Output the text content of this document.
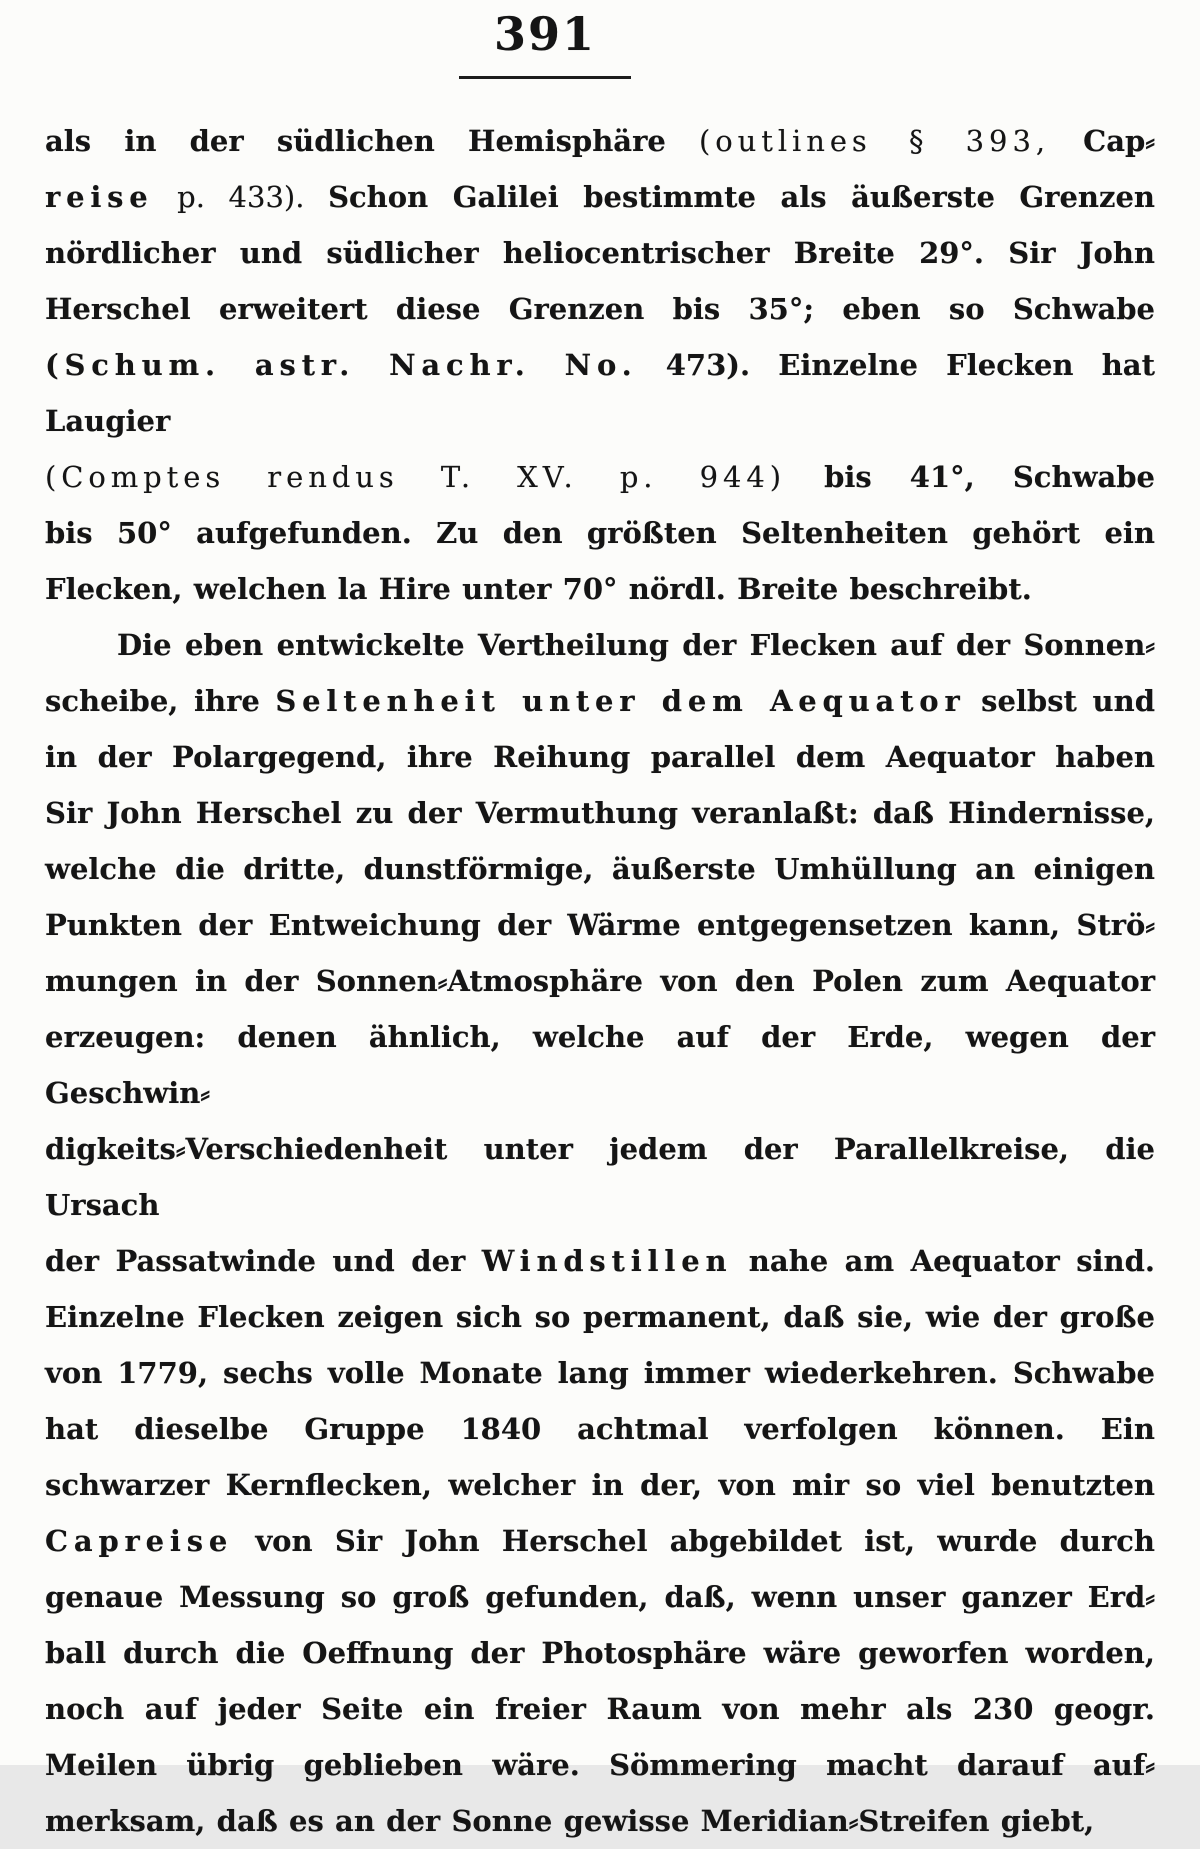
391
als in der südlichen Hemisphäre (outlines § 393, Cap⸗
reise p. 433). Schon Galilei bestimmte als äußerste Grenzen
nördlicher und südlicher heliocentrischer Breite 29°. Sir John
Herschel erweitert diese Grenzen bis 35°; eben so Schwabe
(Schum. astr. Nachr. No. 473). Einzelne Flecken hat Laugier
(Comptes rendus T. XV. p. 944) bis 41°, Schwabe
bis 50° aufgefunden. Zu den größten Seltenheiten gehört ein
Flecken, welchen la Hire unter 70° nördl. Breite beschreibt.
Die eben entwickelte Vertheilung der Flecken auf der Sonnen⸗
scheibe, ihre Seltenheit unter dem Aequator selbst und
in der Polargegend, ihre Reihung parallel dem Aequator haben
Sir John Herschel zu der Vermuthung veranlaßt: daß Hindernisse,
welche die dritte, dunstförmige, äußerste Umhüllung an einigen
Punkten der Entweichung der Wärme entgegensetzen kann, Strö⸗
mungen in der Sonnen⸗Atmosphäre von den Polen zum Aequator
erzeugen: denen ähnlich, welche auf der Erde, wegen der Geschwin⸗
digkeits⸗Verschiedenheit unter jedem der Parallelkreise, die Ursach
der Passatwinde und der Windstillen nahe am Aequator sind.
Einzelne Flecken zeigen sich so permanent, daß sie, wie der große
von 1779, sechs volle Monate lang immer wiederkehren. Schwabe
hat dieselbe Gruppe 1840 achtmal verfolgen können. Ein
schwarzer Kernflecken, welcher in der, von mir so viel benutzten
Capreise von Sir John Herschel abgebildet ist, wurde durch
genaue Messung so groß gefunden, daß, wenn unser ganzer Erd⸗
ball durch die Oeffnung der Photosphäre wäre geworfen worden,
noch auf jeder Seite ein freier Raum von mehr als 230 geogr.
Meilen übrig geblieben wäre. Sömmering macht darauf auf⸗
merksam, daß es an der Sonne gewisse Meridian⸗Streifen giebt,
